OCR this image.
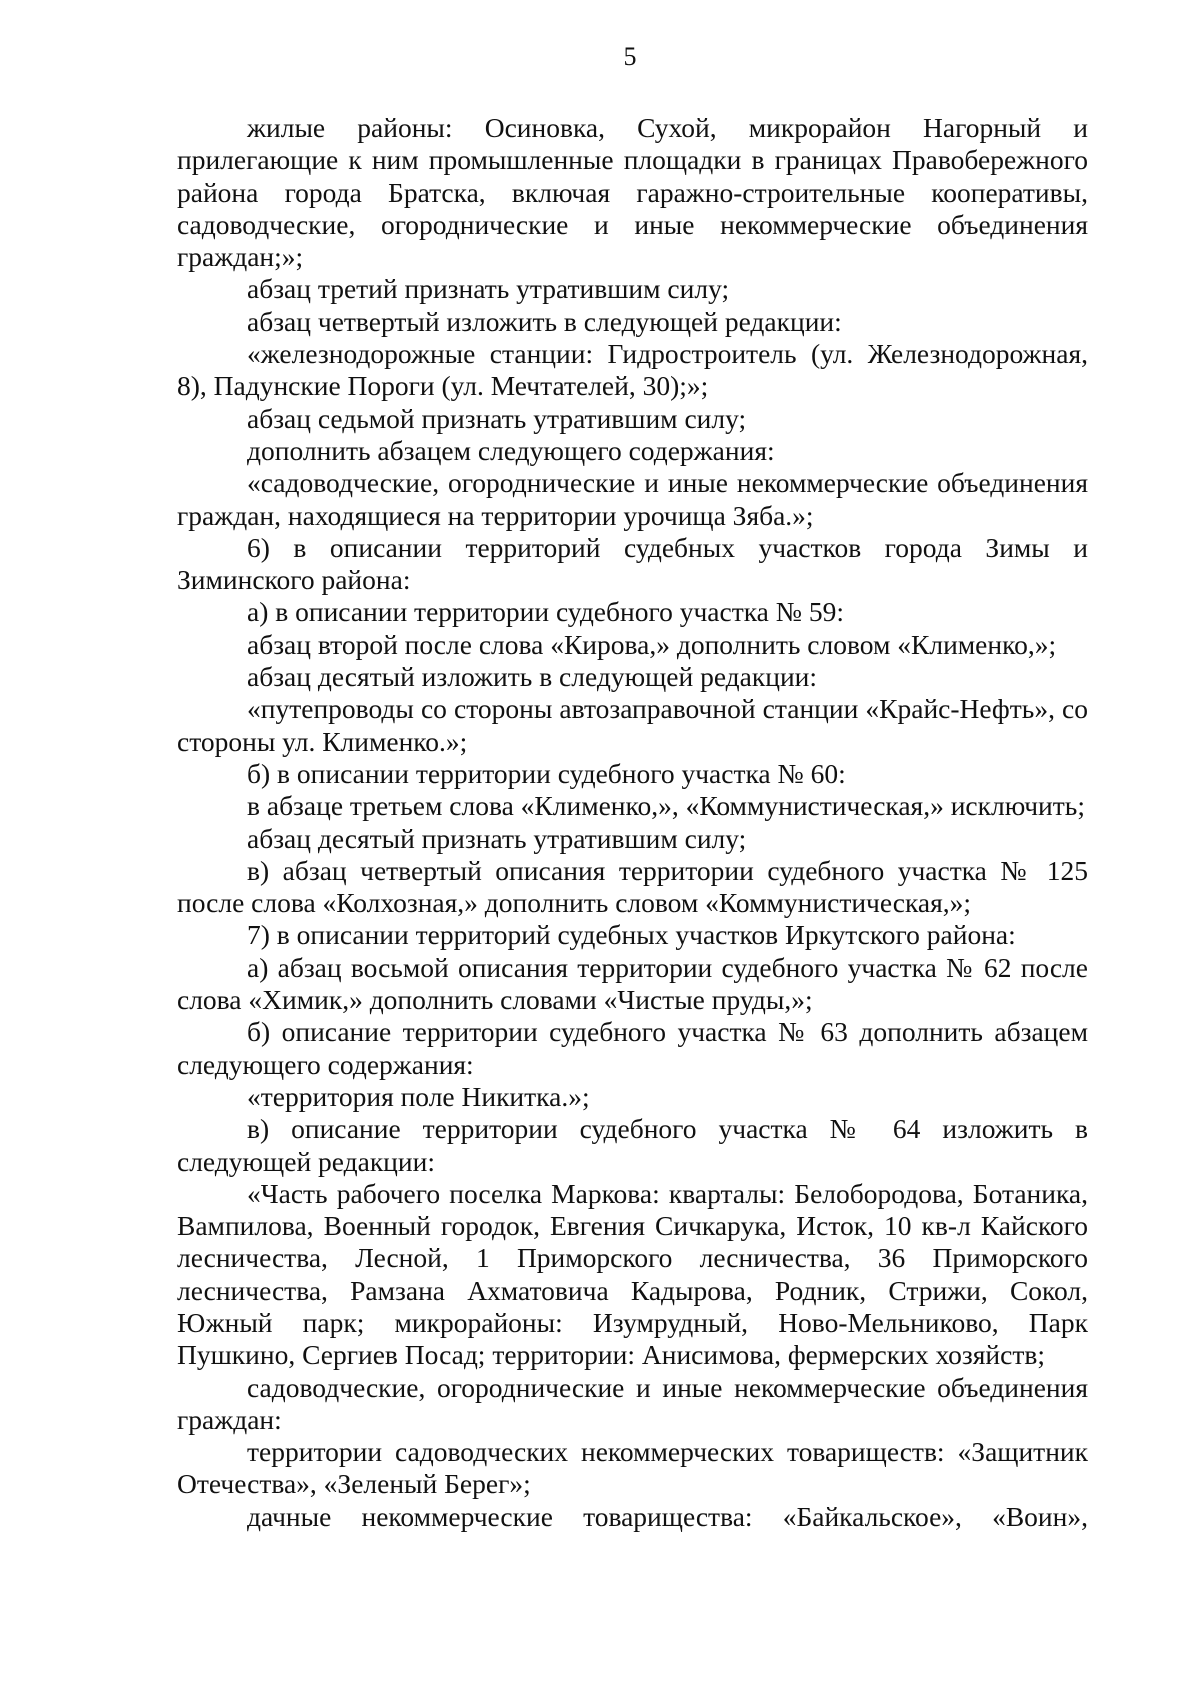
5

жилые районы: Осиновка, Сухой, микрорайон Нагорный и прилегающие к ним промышленные площадки в границах Правобережного района города Братска, включая гаражно-строительные кооперативы, садоводческие, огороднические и иные некоммерческие объединения граждан;»;

абзац третий признать утратившим силу;

абзац четвертый изложить в следующей редакции:

«железнодорожные станции: Гидростроитель (ул. Железнодорожная, 8), Падунские Пороги (ул. Мечтателей, 30);»;

абзац седьмой признать утратившим силу;

дополнить абзацем следующего содержания:

«садоводческие, огороднические и иные некоммерческие объединения граждан, находящиеся на территории урочища Зяба.»;

6) в описании территорий судебных участков города Зимы и Зиминского района:

а) в описании территории судебного участка № 59:

абзац второй после слова «Кирова,» дополнить словом «Клименко,»;

абзац десятый изложить в следующей редакции:

«путепроводы со стороны автозаправочной станции «Крайс-Нефть», со стороны ул. Клименко.»;

б) в описании территории судебного участка № 60:

в абзаце третьем слова «Клименко,», «Коммунистическая,» исключить;

абзац десятый признать утратившим силу;

в) абзац четвертый описания территории судебного участка № 125 после слова «Колхозная,» дополнить словом «Коммунистическая,»;

7) в описании территорий судебных участков Иркутского района:

а) абзац восьмой описания территории судебного участка № 62 после слова «Химик,» дополнить словами «Чистые пруды,»;

б) описание территории судебного участка № 63 дополнить абзацем следующего содержания:

«территория поле Никитка.»;

в) описание территории судебного участка № 64 изложить в следующей редакции:

«Часть рабочего поселка Маркова: кварталы: Белобородова, Ботаника, Вампилова, Военный городок, Евгения Сичкарука, Исток, 10 кв-л Кайского лесничества, Лесной, 1 Приморского лесничества, 36 Приморского лесничества, Рамзана Ахматовича Кадырова, Родник, Стрижи, Сокол, Южный парк; микрорайоны: Изумрудный, Ново-Мельниково, Парк Пушкино, Сергиев Посад; территории: Анисимова, фермерских хозяйств;

садоводческие, огороднические и иные некоммерческие объединения граждан:

территории садоводческих некоммерческих товариществ: «Защитник Отечества», «Зеленый Берег»;

дачные некоммерческие товарищества: «Байкальское», «Воин»,
